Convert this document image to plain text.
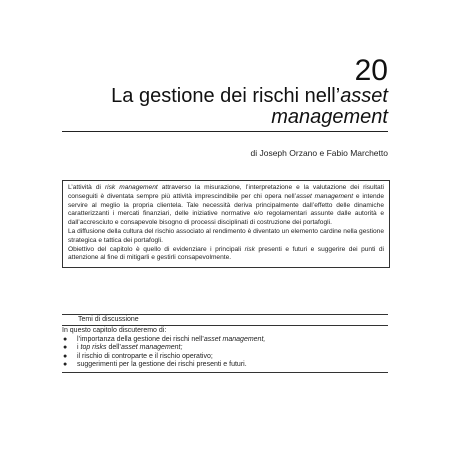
20
La gestione dei rischi nell’asset
management
di Joseph Orzano e Fabio Marchetto

L’attività di risk management attraverso la misurazione, l’interpretazione e la valutazione dei risultati conseguiti è diventata sempre più attività imprescindibile per chi opera nell’asset management e intende servire al meglio la propria clientela. Tale necessità deriva principalmente dall’effetto delle dinamiche caratterizzanti i mercati finanziari, delle iniziative normative e/o regolamentari assunte dalle autorità e dall’accresciuto e consapevole bisogno di processi disciplinati di costruzione dei portafogli.

La diffusione della cultura del rischio associato al rendimento è diventato un elemento cardine nella gestione strategica e tattica dei portafogli.

Obiettivo del capitolo è quello di evidenziare i principali risk presenti e futuri e suggerire dei punti di attenzione al fine di mitigarli e gestirli consapevolmente.

Temi di discussione

In questo capitolo discuteremo di:

● l’importanza della gestione dei rischi nell’asset management,
● i top risks dell’asset management;
● il rischio di controparte e il rischio operativo;
● suggerimenti per la gestione dei rischi presenti e futuri.
